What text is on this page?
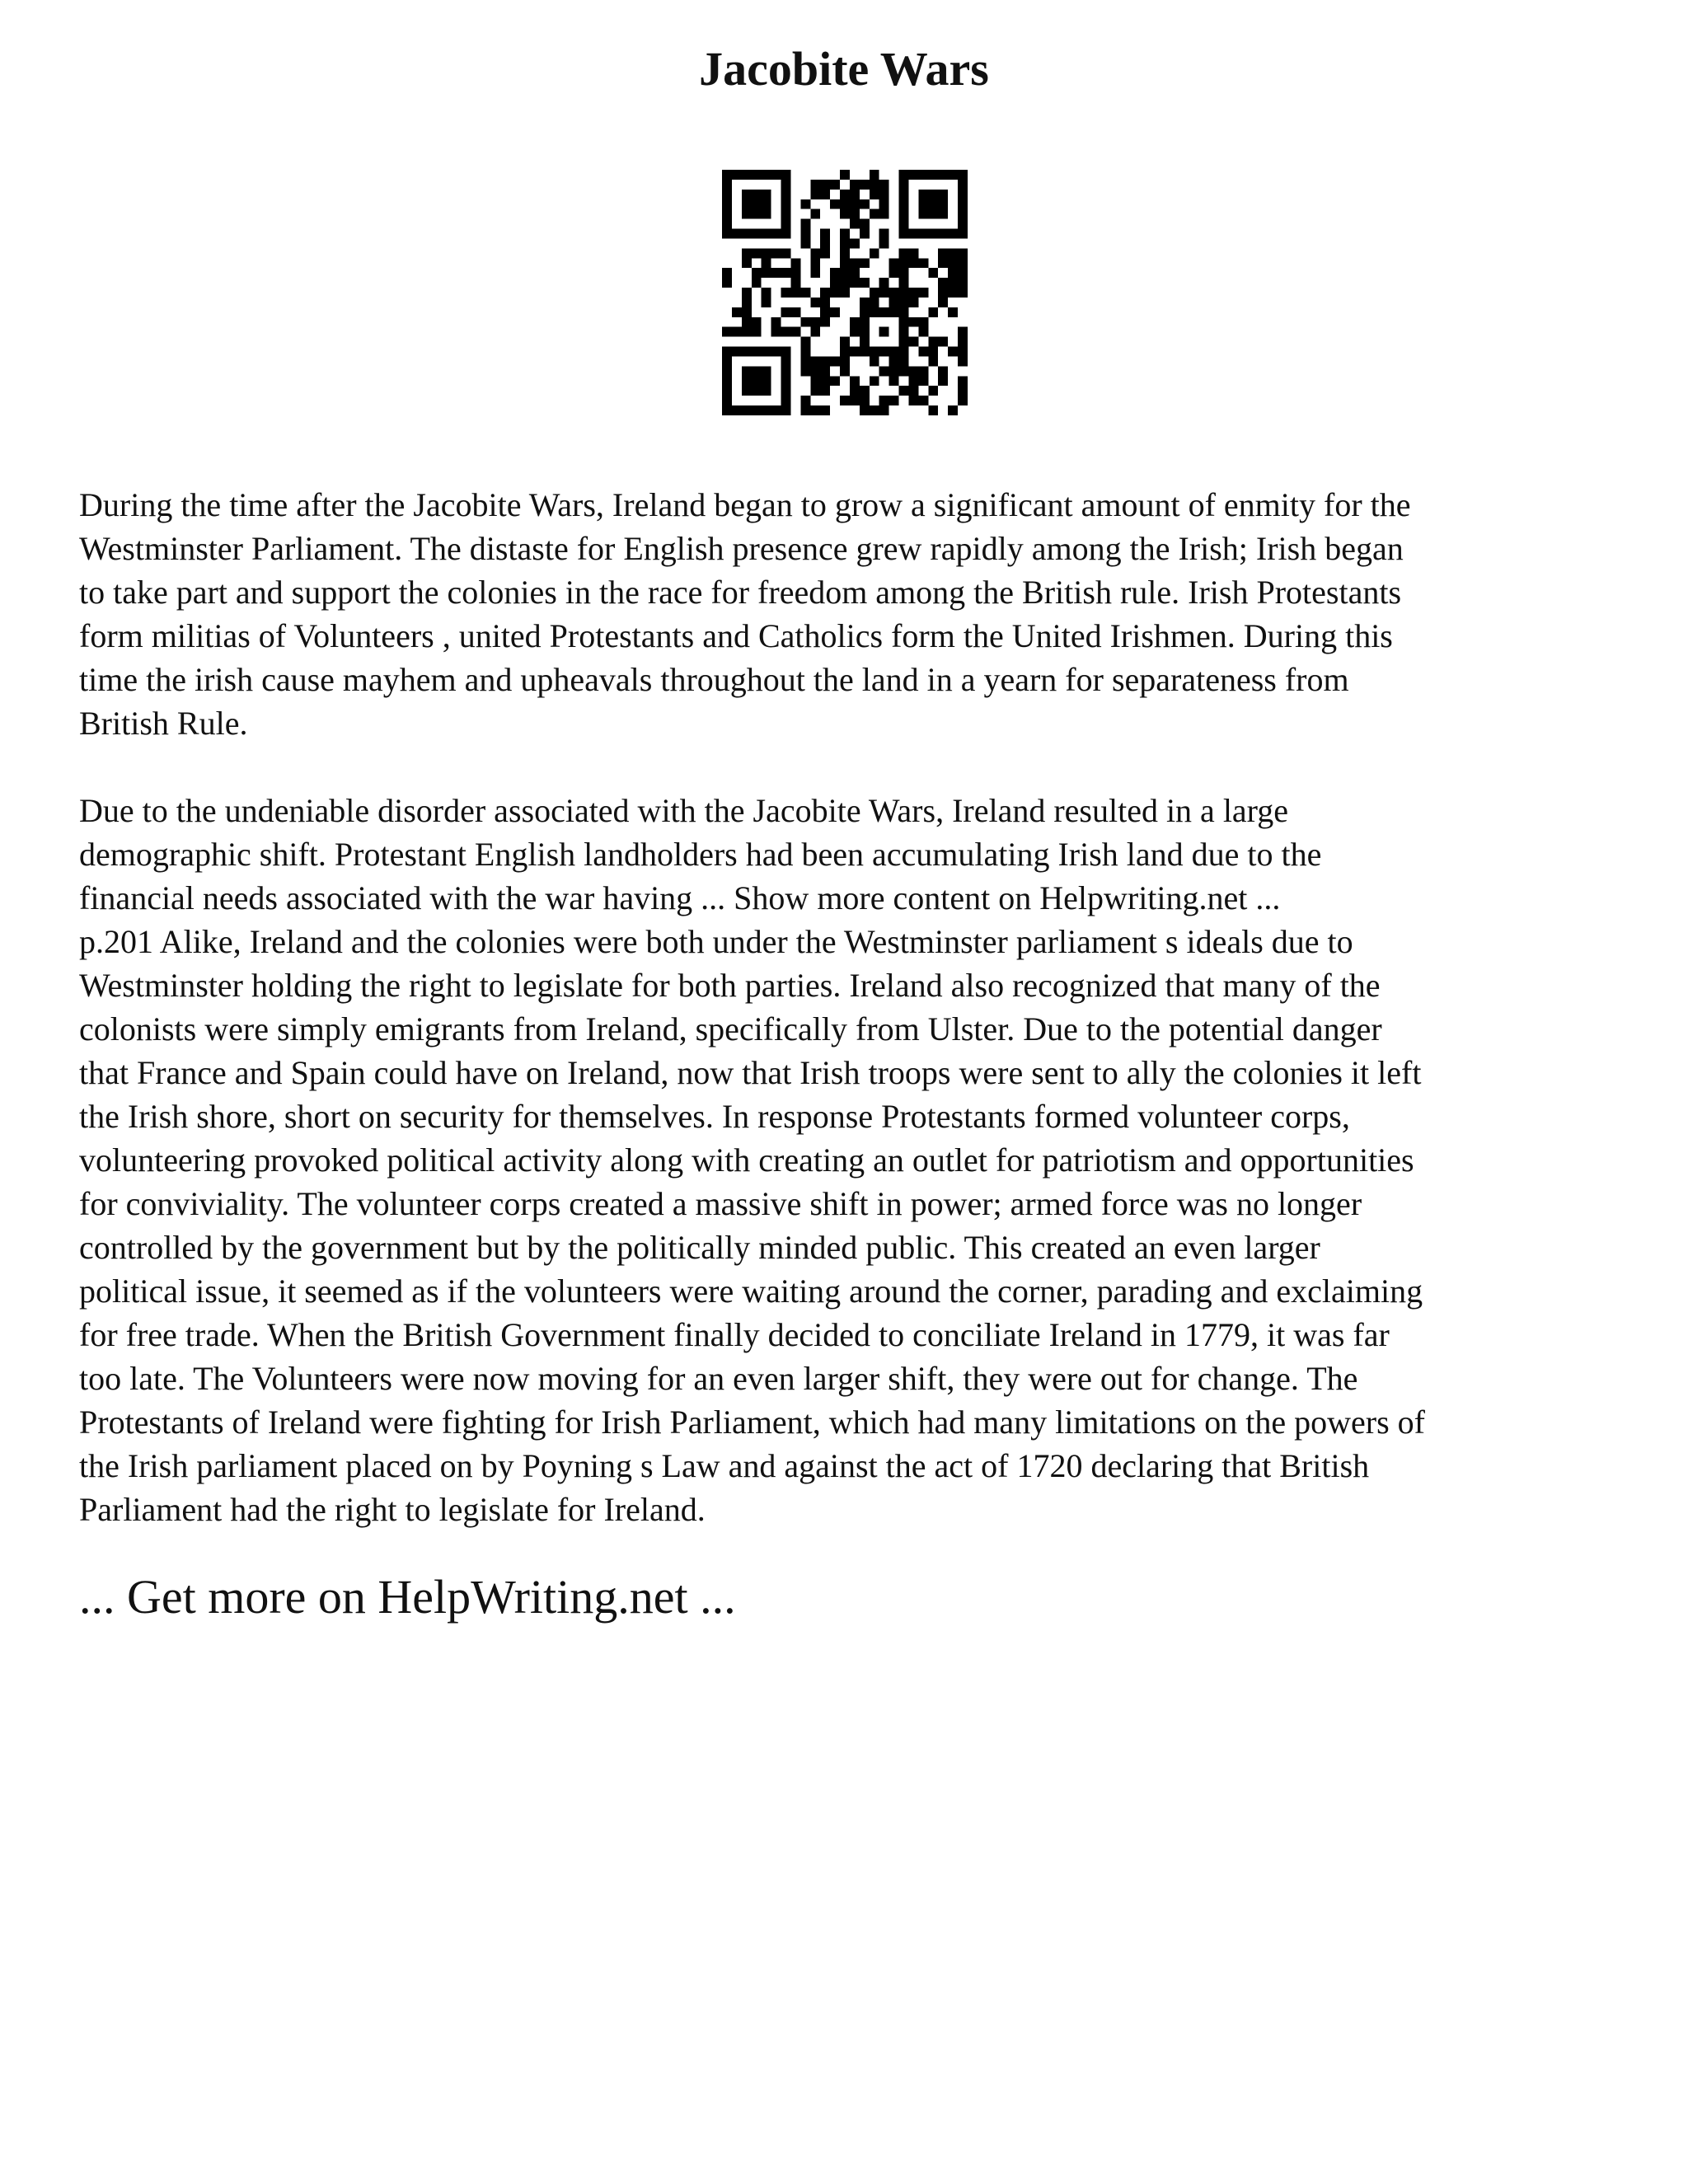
Jacobite Wars

During the time after the Jacobite Wars, Ireland began to grow a significant amount of enmity for the
Westminster Parliament. The distaste for English presence grew rapidly among the Irish; Irish began
to take part and support the colonies in the race for freedom among the British rule. Irish Protestants
form militias of Volunteers , united Protestants and Catholics form the United Irishmen. During this
time the irish cause mayhem and upheavals throughout the land in a yearn for separateness from
British Rule.

Due to the undeniable disorder associated with the Jacobite Wars, Ireland resulted in a large
demographic shift. Protestant English landholders had been accumulating Irish land due to the
financial needs associated with the war having ... Show more content on Helpwriting.net ...
p.201 Alike, Ireland and the colonies were both under the Westminster parliament s ideals due to
Westminster holding the right to legislate for both parties. Ireland also recognized that many of the
colonists were simply emigrants from Ireland, specifically from Ulster. Due to the potential danger
that France and Spain could have on Ireland, now that Irish troops were sent to ally the colonies it left
the Irish shore, short on security for themselves. In response Protestants formed volunteer corps,
volunteering provoked political activity along with creating an outlet for patriotism and opportunities
for conviviality. The volunteer corps created a massive shift in power; armed force was no longer
controlled by the government but by the politically minded public. This created an even larger
political issue, it seemed as if the volunteers were waiting around the corner, parading and exclaiming
for free trade. When the British Government finally decided to conciliate Ireland in 1779, it was far
too late. The Volunteers were now moving for an even larger shift, they were out for change. The
Protestants of Ireland were fighting for Irish Parliament, which had many limitations on the powers of
the Irish parliament placed on by Poyning s Law and against the act of 1720 declaring that British
Parliament had the right to legislate for Ireland.

... Get more on HelpWriting.net ...
